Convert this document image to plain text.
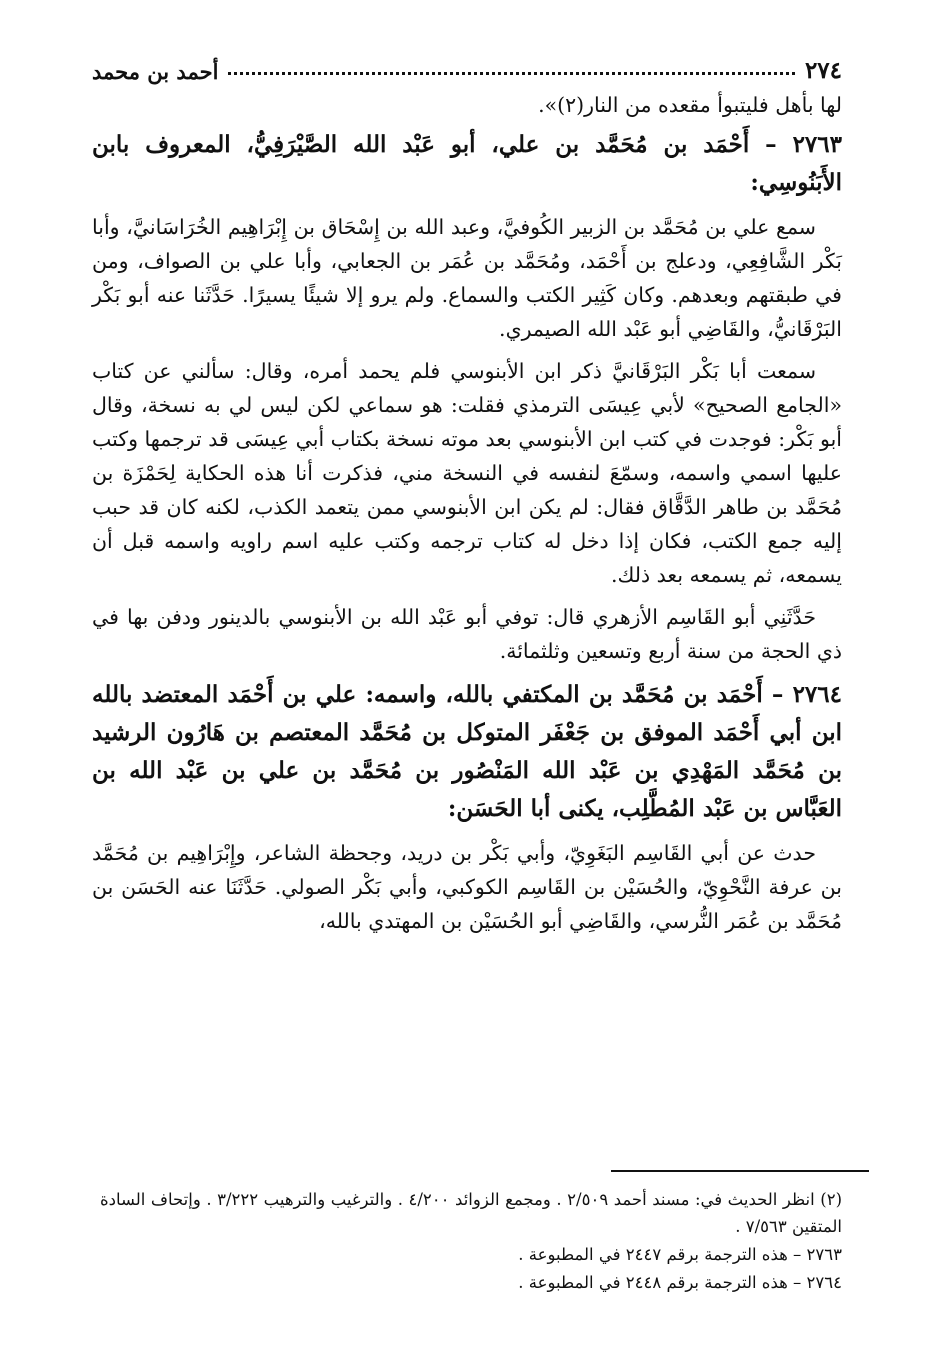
٢٧٤
أحمد بن محمد

لها بأهل فليتبوأ مقعده من النار(٢)».

٢٧٦٣ – أَحْمَد بن مُحَمَّد بن علي، أبو عَبْد الله الصَّيْرَفِيُّ، المعروف بابن الأَبَنُوسِي:

سمع علي بن مُحَمَّد بن الزبير الكُوفيَّ، وعبد الله بن إِسْحَاق بن إِبْرَاهِيم الخُرَاسَانيَّ، وأبا بَكْر الشَّافِعِي، ودعلج بن أَحْمَد، ومُحَمَّد بن عُمَر بن الجعابي، وأبا علي بن الصواف، ومن في طبقتهم وبعدهم. وكان كَثِير الكتب والسماع. ولم يرو إلا شيئًا يسيرًا. حَدَّثَنا عنه أبو بَكْر البَرْقَانيُّ، والقَاضِي أبو عَبْد الله الصيمري.

سمعت أبا بَكْر البَرْقَانيَّ ذكر ابن الأبنوسي فلم يحمد أمره، وقال: سألني عن كتاب «الجامع الصحيح» لأبي عِيسَى الترمذي فقلت: هو سماعي لكن ليس لي به نسخة، وقال أبو بَكْر: فوجدت في كتب ابن الأبنوسي بعد موته نسخة بكتاب أبي عِيسَى قد ترجمها وكتب عليها اسمي واسمه، وسمّعَ لنفسه في النسخة مني، فذكرت أنا هذه الحكاية لِحَمْزَة بن مُحَمَّد بن طاهر الدَّقَّاق فقال: لم يكن ابن الأبنوسي ممن يتعمد الكذب، لكنه كان قد حبب إليه جمع الكتب، فكان إذا دخل له كتاب ترجمه وكتب عليه اسم راويه واسمه قبل أن يسمعه، ثم يسمعه بعد ذلك.

حَدَّثَنِي أبو القَاسِم الأزهري قال: توفي أبو عَبْد الله بن الأبنوسي بالدينور ودفن بها في ذي الحجة من سنة أربع وتسعين وثلثمائة.

٢٧٦٤ – أَحْمَد بن مُحَمَّد بن المكتفي بالله، واسمه: علي بن أَحْمَد المعتضد بالله ابن أبي أَحْمَد الموفق بن جَعْفَر المتوكل بن مُحَمَّد المعتصم بن هَارُون الرشيد بن مُحَمَّد المَهْدِي بن عَبْد الله المَنْصُور بن مُحَمَّد بن علي بن عَبْد الله بن العَبَّاس بن عَبْد المُطَّلِب، يكنى أبا الحَسَن:

حدث عن أبي القَاسِم البَغَوِيّ، وأبي بَكْر بن دريد، وجحظة الشاعر، وإِبْرَاهِيم بن مُحَمَّد بن عرفة النَّحْوِيّ، والحُسَيْن بن القَاسِم الكوكبي، وأبي بَكْر الصولي. حَدَّثَنَا عنه الحَسَن بن مُحَمَّد بن عُمَر النُّرسي، والقَاضِي أبو الحُسَيْن بن المهتدي بالله،

(٢) انظر الحديث في: مسند أحمد ٢/٥٠٩ . ومجمع الزوائد ٤/٢٠٠ . والترغيب والترهيب ٣/٢٢٢ . وإتحاف السادة المتقين ٧/٥٦٣ .

٢٧٦٣ – هذه الترجمة برقم ٢٤٤٧ في المطبوعة .

٢٧٦٤ – هذه الترجمة برقم ٢٤٤٨ في المطبوعة .
